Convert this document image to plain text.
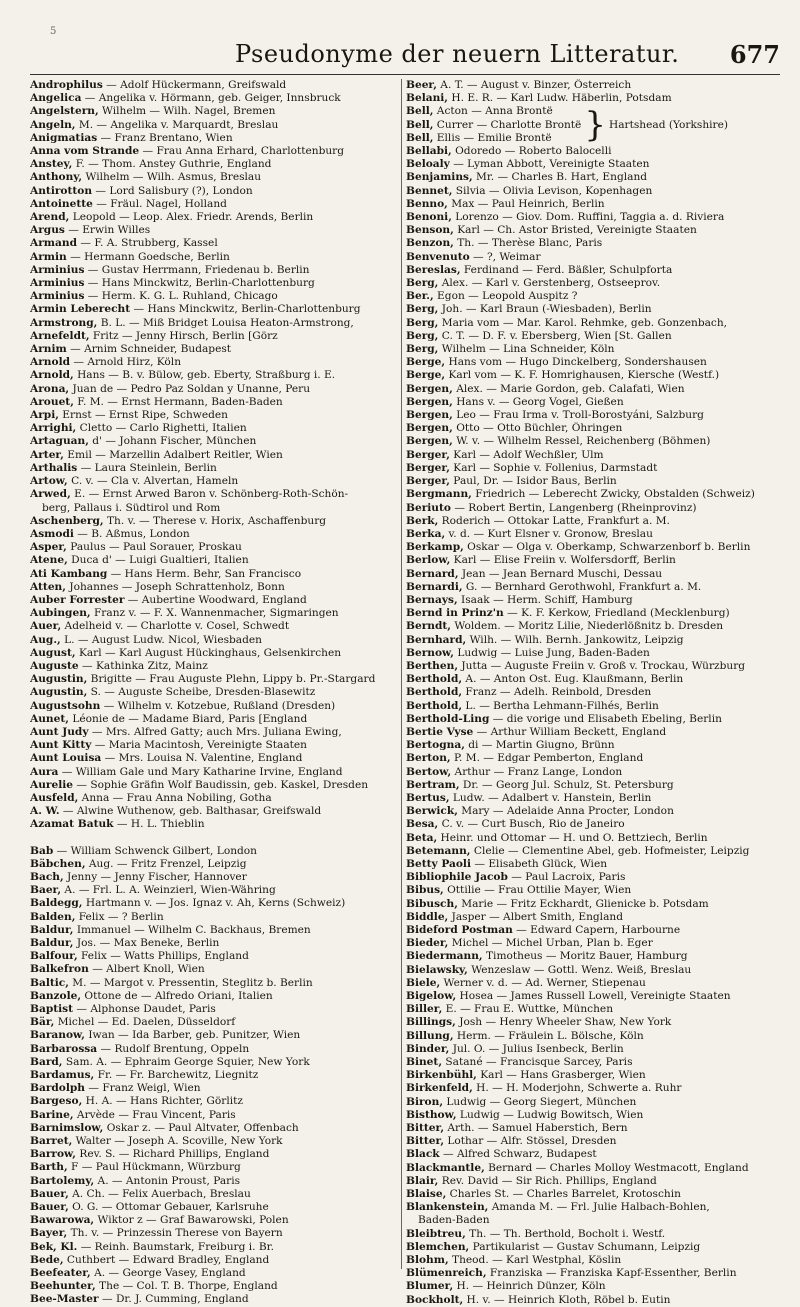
5
Pseudonyme der neuern Litteratur. 677
Androphilus — Adolf Hückermann, Greifswald
Angelica — Angelika v. Hörmann, geb. Geiger, Innsbruck
Angelstern, Wilhelm — Wilh. Nagel, Bremen
Angeln, M. — Angelika v. Marquardt, Breslau
Anigmatias — Franz Brentano, Wien
Anna vom Strande — Frau Anna Erhard, Charlottenburg
Anstey, F. — Thom. Anstey Guthrie, England
Anthony, Wilhelm — Wilh. Asmus, Breslau
Antirotton — Lord Salisbury (?), London
Antoinette — Fräul. Nagel, Holland
Arend, Leopold — Leop. Alex. Friedr. Arends, Berlin
Argus — Erwin Willes
Armand — F. A. Strubberg, Kassel
Armin — Hermann Goedsche, Berlin
Arminius — Gustav Herrmann, Friedenau b. Berlin
Arminius — Hans Minckwitz, Berlin-Charlottenburg
Arminius — Herm. K. G. L. Ruhland, Chicago
Armin Leberecht — Hans Minckwitz, Berlin-Charlottenburg
Armstrong, B. L. — Miß Bridget Louisa Heaton-Armstrong,
Arnefeldt, Fritz — Jenny Hirsch, Berlin [Görz
Arnim — Arnim Schneider, Budapest
Arnold — Arnold Hirz, Köln
Arnold, Hans — B. v. Bülow, geb. Eberty, Straßburg i. E.
Arona, Juan de — Pedro Paz Soldan y Unanne, Peru
Arouet, F. M. — Ernst Hermann, Baden-Baden
Arpi, Ernst — Ernst Ripe, Schweden
Arrighi, Cletto — Carlo Righetti, Italien
Artaguan, d' — Johann Fischer, München
Arter, Emil — Marzellin Adalbert Reitler, Wien
Arthalis — Laura Steinlein, Berlin
Artow, C. v. — Cla v. Alvertan, Hameln
Arwed, E. — Ernst Arwed Baron v. Schönberg-Roth-Schön-
berg, Pallaus i. Südtirol und Rom
Aschenberg, Th. v. — Therese v. Horix, Aschaffenburg
Asmodi — B. Aßmus, London
Asper, Paulus — Paul Sorauer, Proskau
Atene, Duca d' — Luigi Gualtieri, Italien
Ati Kambang — Hans Herm. Behr, San Francisco
Atten, Johannes — Joseph Schrattenholz, Bonn
Auber Forrester — Aubertine Woodward, England
Aubingen, Franz v. — F. X. Wannenmacher, Sigmaringen
Auer, Adelheid v. — Charlotte v. Cosel, Schwedt
Aug., L. — August Ludw. Nicol, Wiesbaden
August, Karl — Karl August Hückinghaus, Gelsenkirchen
Auguste — Kathinka Zitz, Mainz
Augustin, Brigitte — Frau Auguste Plehn, Lippy b. Pr.-Stargard
Augustin, S. — Auguste Scheibe, Dresden-Blasewitz
Augustsohn — Wilhelm v. Kotzebue, Rußland (Dresden)
Aunet, Léonie de — Madame Biard, Paris [England
Aunt Judy — Mrs. Alfred Gatty; auch Mrs. Juliana Ewing,
Aunt Kitty — Maria Macintosh, Vereinigte Staaten
Aunt Louisa — Mrs. Louisa N. Valentine, England
Aura — William Gale und Mary Katharine Irvine, England
Aurelie — Sophie Gräfin Wolf Baudissin, geb. Kaskel, Dresden
Ausfeld, Anna — Frau Anna Nobiling, Gotha
A. W. — Alwine Wuthenow, geb. Balthasar, Greifswald
Azamat Batuk — H. L. Thieblin
Bab — William Schwenck Gilbert, London
Bäbchen, Aug. — Fritz Frenzel, Leipzig
Bach, Jenny — Jenny Fischer, Hannover
Baer, A. — Frl. L. A. Weinzierl, Wien-Währing
Baldegg, Hartmann v. — Jos. Ignaz v. Ah, Kerns (Schweiz)
Balden, Felix — ? Berlin
Baldur, Immanuel — Wilhelm C. Backhaus, Bremen
Baldur, Jos. — Max Beneke, Berlin
Balfour, Felix — Watts Phillips, England
Balkefron — Albert Knoll, Wien
Baltic, M. — Margot v. Pressentin, Steglitz b. Berlin
Banzole, Ottone de — Alfredo Oriani, Italien
Baptist — Alphonse Daudet, Paris
Bär, Michel — Ed. Daelen, Düsseldorf
Baranow, Iwan — Ida Barber, geb. Punitzer, Wien
Barbarossa — Rudolf Brentung, Oppeln
Bard, Sam. A. — Ephraim George Squier, New York
Bardamus, Fr. — Fr. Barchewitz, Liegnitz
Bardolph — Franz Weigl, Wien
Bargeso, H. A. — Hans Richter, Görlitz
Barine, Arvède — Frau Vincent, Paris
Barnimslow, Oskar z. — Paul Altvater, Offenbach
Barret, Walter — Joseph A. Scoville, New York
Barrow, Rev. S. — Richard Phillips, England
Barth, F — Paul Hückmann, Würzburg
Bartolemy, A. — Antonin Proust, Paris
Bauer, A. Ch. — Felix Auerbach, Breslau
Bauer, O. G. — Ottomar Gebauer, Karlsruhe
Bawarowa, Wiktor z — Graf Bawarowski, Polen
Bayer, Th. v. — Prinzessin Therese von Bayern
Bek, Kl. — Reinh. Baumstark, Freiburg i. Br.
Bede, Cuthbert — Edward Bradley, England
Beefeater, A. — George Vasey, England
Beehunter, The — Col. T. B. Thorpe, England
Bee-Master — Dr. J. Cumming, England
Beer, A. T. — August v. Binzer, Österreich
Belani, H. E. R. — Karl Ludw. Häberlin, Potsdam
Bell, Acton — Anna Brontë
Bell, Currer — Charlotte Brontë
Bell, Ellis — Emilie Brontë } Hartshead (Yorkshire)
Bellabi, Odoredo — Roberto Balocelli
Beloaly — Lyman Abbott, Vereinigte Staaten
Benjamins, Mr. — Charles B. Hart, England
Bennet, Silvia — Olivia Levison, Kopenhagen
Benno, Max — Paul Heinrich, Berlin
Benoni, Lorenzo — Giov. Dom. Ruffini, Taggia a. d. Riviera
Benson, Karl — Ch. Astor Bristed, Vereinigte Staaten
Benzon, Th. — Therèse Blanc, Paris
Benvenuto — ?, Weimar
Bereslas, Ferdinand — Ferd. Bäßler, Schulpforta
Berg, Alex. — Karl v. Gerstenberg, Ostseeprov.
Ber., Egon — Leopold Auspitz ?
Berg, Joh. — Karl Braun (-Wiesbaden), Berlin
Berg, Maria vom — Mar. Karol. Rehmke, geb. Gonzenbach,
Berg, C. T. — D. F. v. Ebersberg, Wien [St. Gallen
Berg, Wilhelm — Lina Schneider, Köln
Berge, Hans vom — Hugo Dinckelberg, Sondershausen
Berge, Karl vom — K. F. Homrighausen, Kiersche (Westf.)
Bergen, Alex. — Marie Gordon, geb. Calafati, Wien
Bergen, Hans v. — Georg Vogel, Gießen
Bergen, Leo — Frau Irma v. Troll-Borostyáni, Salzburg
Bergen, Otto — Otto Büchler, Öhringen
Bergen, W. v. — Wilhelm Ressel, Reichenberg (Böhmen)
Berger, Karl — Adolf Wechßler, Ulm
Berger, Karl — Sophie v. Follenius, Darmstadt
Berger, Paul, Dr. — Isidor Baus, Berlin
Bergmann, Friedrich — Leberecht Zwicky, Obstalden (Schweiz)
Beriuto — Robert Bertin, Langenberg (Rheinprovinz)
Berk, Roderich — Ottokar Latte, Frankfurt a. M.
Berka, v. d. — Kurt Elsner v. Gronow, Breslau
Berkamp, Oskar — Olga v. Oberkamp, Schwarzenborf b. Berlin
Berlow, Karl — Elise Freiin v. Wolfersdorff, Berlin
Bernard, Jean — Jean Bernard Muschi, Dessau
Bernardi, G. — Bernhard Gerothwohl, Frankfurt a. M.
Bernays, Isaak — Herm. Schiff, Hamburg
Bernd in Prinz'n — K. F. Kerkow, Friedland (Mecklenburg)
Berndt, Woldem. — Moritz Lilie, Niederlößnitz b. Dresden
Bernhard, Wilh. — Wilh. Bernh. Jankowitz, Leipzig
Bernow, Ludwig — Luise Jung, Baden-Baden
Berthen, Jutta — Auguste Freiin v. Groß v. Trockau, Würzburg
Berthold, A. — Anton Ost. Eug. Klaußmann, Berlin
Berthold, Franz — Adelh. Reinbold, Dresden
Berthold, L. — Bertha Lehmann-Filhés, Berlin
Berthold-Ling — die vorige und Elisabeth Ebeling, Berlin
Bertie Vyse — Arthur William Beckett, England
Bertogna, di — Martin Giugno, Brünn
Berton, P. M. — Edgar Pemberton, England
Bertow, Arthur — Franz Lange, London
Bertram, Dr. — Georg Jul. Schulz, St. Petersburg
Bertus, Ludw. — Adalbert v. Hanstein, Berlin
Berwick, Mary — Adelaide Anna Procter, London
Besa, C. v. — Curt Busch, Rio de Janeiro
Beta, Heinr. und Ottomar — H. und O. Bettziech, Berlin
Betemann, Clelie — Clementine Abel, geb. Hofmeister, Leipzig
Betty Paoli — Elisabeth Glück, Wien
Bibliophile Jacob — Paul Lacroix, Paris
Bibus, Ottilie — Frau Ottilie Mayer, Wien
Bibusch, Marie — Fritz Eckhardt, Glienicke b. Potsdam
Biddle, Jasper — Albert Smith, England
Bideford Postman — Edward Capern, Harbourne
Bieder, Michel — Michel Urban, Plan b. Eger
Biedermann, Timotheus — Moritz Bauer, Hamburg
Bielawsky, Wenzeslaw — Gottl. Wenz. Weiß, Breslau
Biele, Werner v. d. — Ad. Werner, Stiepenau
Bigelow, Hosea — James Russell Lowell, Vereinigte Staaten
Biller, E. — Frau E. Wuttke, München
Billings, Josh — Henry Wheeler Shaw, New York
Billung, Herm. — Fräulein L. Bölsche, Köln
Binder, Jul. O. — Julius Isenbeck, Berlin
Binet, Satané — Francisque Sarcey, Paris
Birkenbühl, Karl — Hans Grasberger, Wien
Birkenfeld, H. — H. Moderjohn, Schwerte a. Ruhr
Biron, Ludwig — Georg Siegert, München
Bisthow, Ludwig — Ludwig Bowitsch, Wien
Bitter, Arth. — Samuel Haberstich, Bern
Bitter, Lothar — Alfr. Stössel, Dresden
Black — Alfred Schwarz, Budapest
Blackmantle, Bernard — Charles Molloy Westmacott, England
Blair, Rev. David — Sir Rich. Phillips, England
Blaise, Charles St. — Charles Barrelet, Krotoschin
Blankenstein, Amanda M. — Frl. Julie Halbach-Bohlen,
Baden-Baden
Bleibtreu, Th. — Th. Berthold, Bocholt i. Westf.
Blemchen, Partikularist — Gustav Schumann, Leipzig
Blohm, Theod. — Karl Westphal, Köslin
Blümenreich, Franziska — Franziska Kapf-Essenther, Berlin
Blumer, H. — Heinrich Dünzer, Köln
Bockholt, H. v. — Heinrich Kloth, Röbel b. Eutin
